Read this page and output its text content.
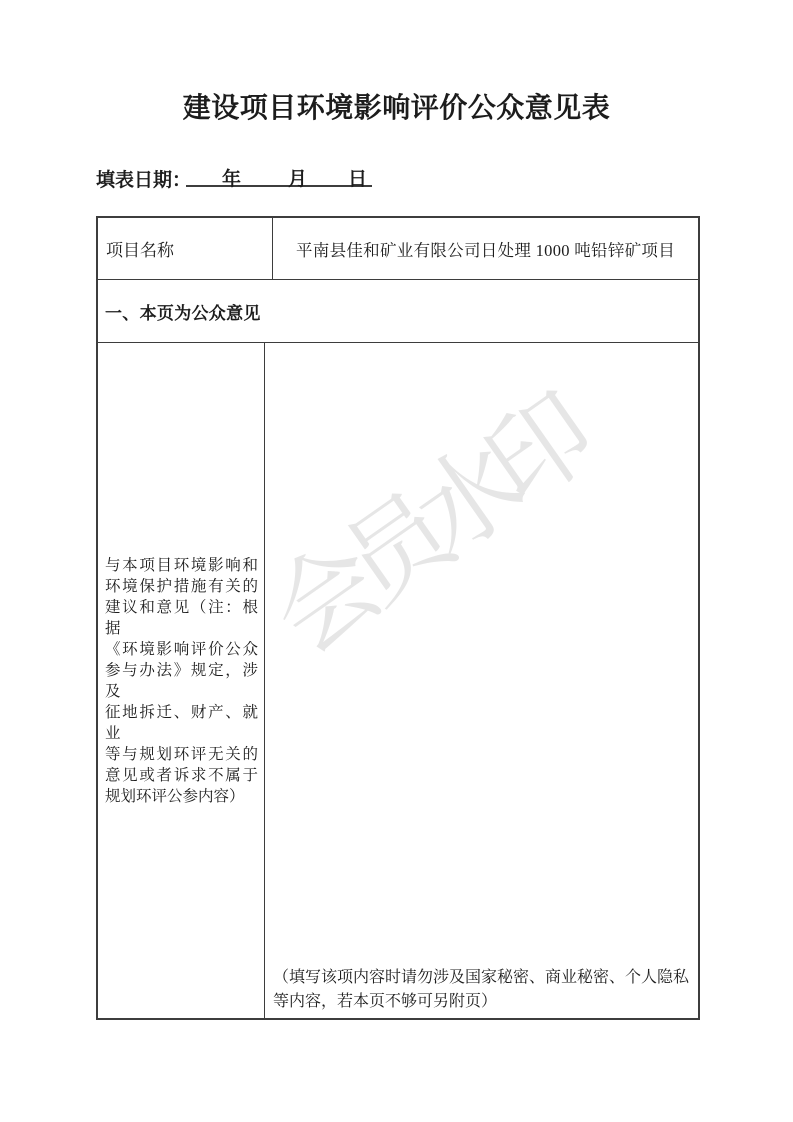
会员水印
建设项目环境影响评价公众意见表
填表日期： 年 月 日
项目名称	平南县佳和矿业有限公司日处理 1000 吨铅锌矿项目
一、本页为公众意见
与本项目环境影响和
环境保护措施有关的
建议和意见（注：根据
《环境影响评价公众
参与办法》规定，涉及
征地拆迁、财产、就业
等与规划环评无关的
意见或者诉求不属于
规划环评公参内容）
（填写该项内容时请勿涉及国家秘密、商业秘密、个人隐私
等内容，若本页不够可另附页）
